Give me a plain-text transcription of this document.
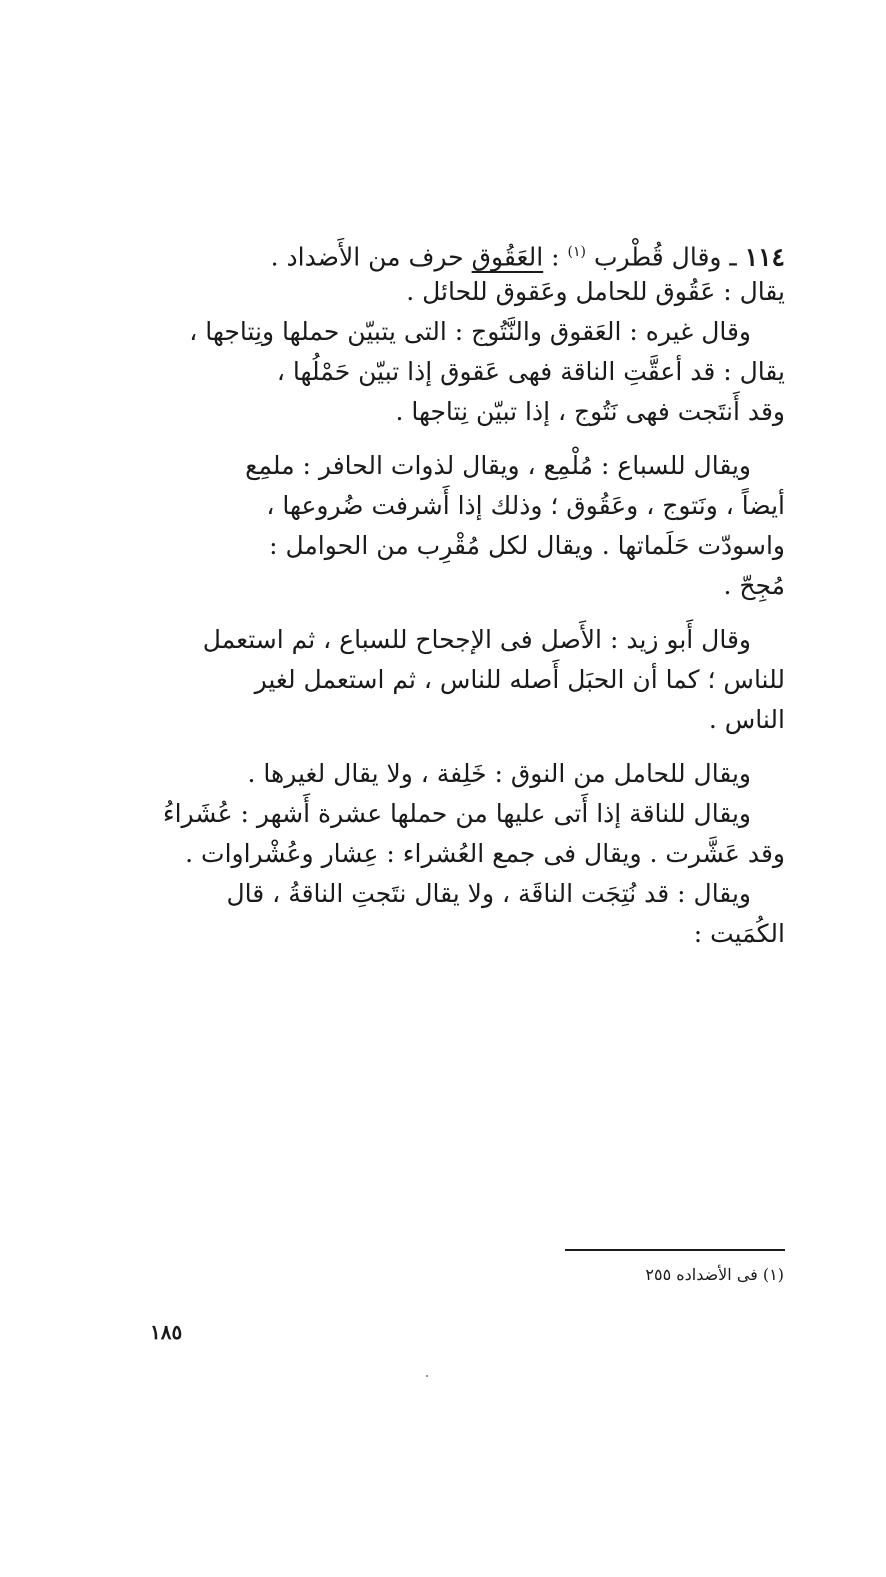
١١٤ ـ وقال قُطْرب $^{(١)}$ : العَقُوق حرف من الأَضداد .
يقال : عَقُوق للحامل وعَقوق للحائل .
وقال غيره : العَقوق والنَّتُوج : التى يتبيّن حملها ونِتاجها ،
يقال : قد أعقَّتِ الناقة فهى عَقوق إذا تبيّن حَمْلُها ،
وقد أَنتَجت فهى نَتُوج ، إذا تبيّن نِتاجها .
ويقال للسباع : مُلْمِع ، ويقال لذوات الحافر : ملمِع
أيضاً ، ونَتوج ، وعَقُوق ؛ وذلك إذا أَشرفت ضُروعها ،
واسودّت حَلَماتها . ويقال لكل مُقْرِب من الحوامل :
مُجِحّ .
وقال أَبو زيد : الأَصل فى الإجحاح للسباع ، ثم استعمل
للناس ؛ كما أن الحبَل أَصله للناس ، ثم استعمل لغير
الناس .
ويقال للحامل من النوق : خَلِفة ، ولا يقال لغيرها .
ويقال للناقة إذا أَتى عليها من حملها عشرة أَشهر : عُشَراءُ
وقد عَشَّرت . ويقال فى جمع العُشراء : عِشار وعُشْراوات .
ويقال : قد نُتِجَت الناقَة ، ولا يقال نتَجتِ الناقةُ ، قال
الكُمَيت :
(١) فى الأضداده ٢٥٥
١٨٥
